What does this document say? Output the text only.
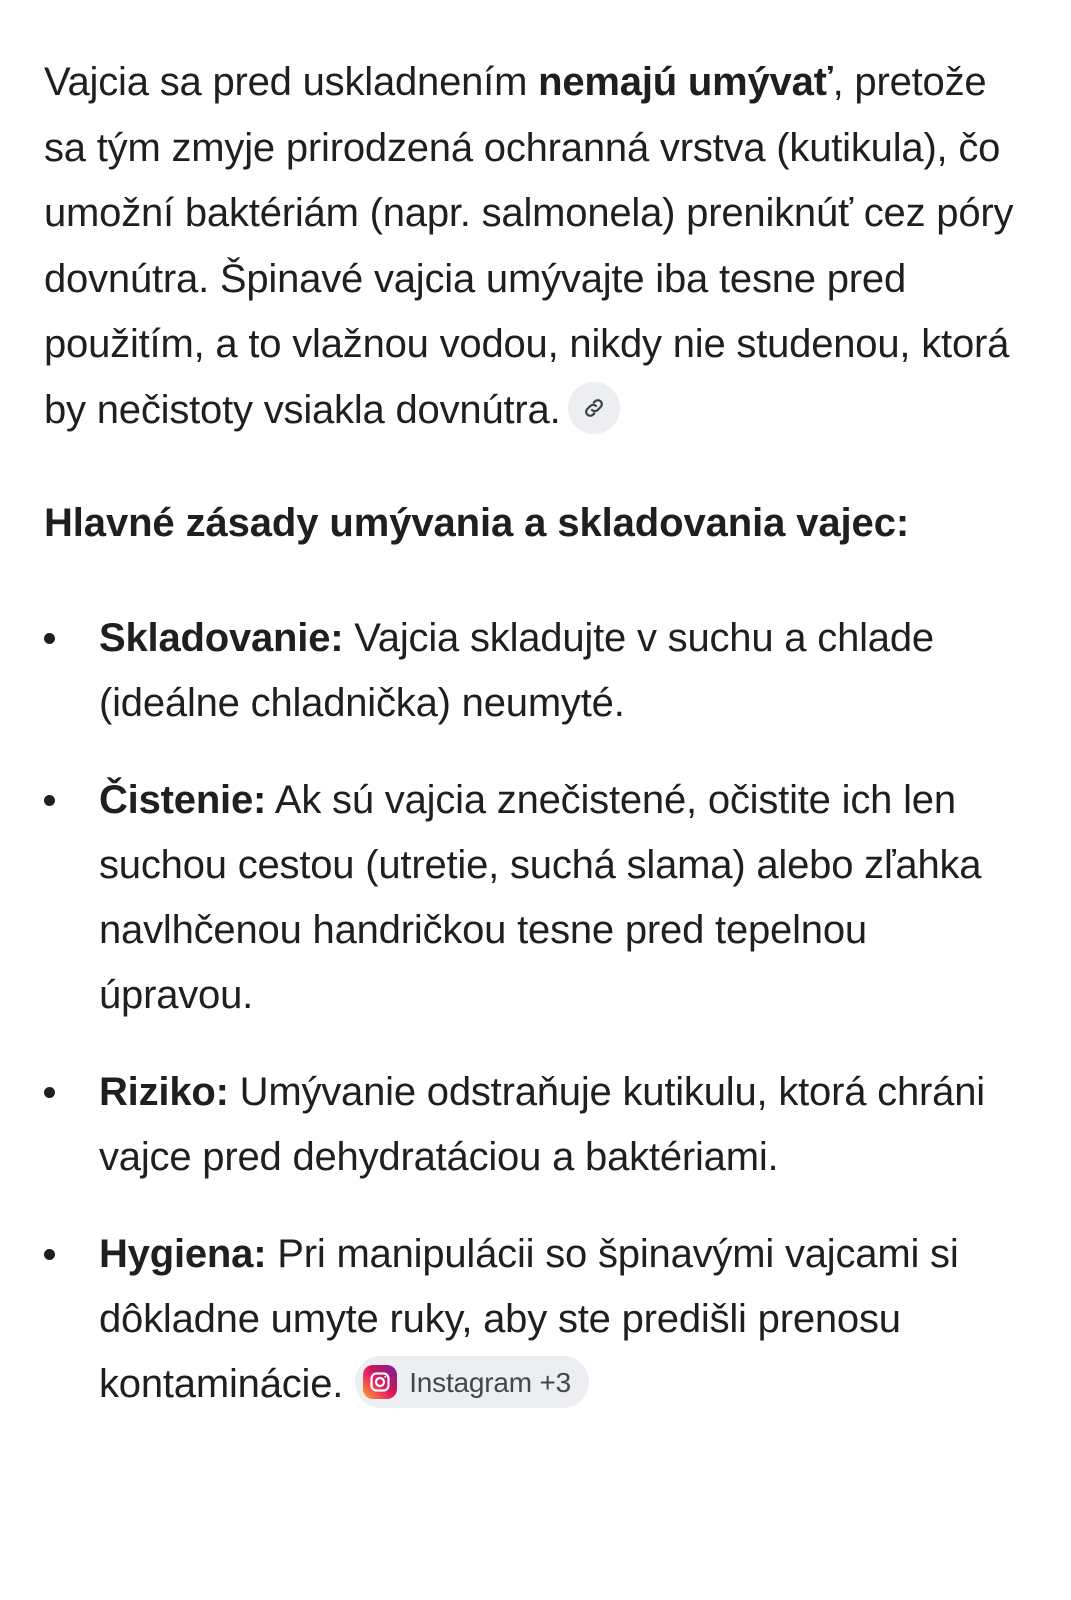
Vajcia sa pred uskladnením nemajú umývať, pretože sa tým zmyje prirodzená ochranná vrstva (kutikula), čo umožní baktériám (napr. salmonela) preniknúť cez póry dovnútra. Špinavé vajcia umývajte iba tesne pred použitím, a to vlažnou vodou, nikdy nie studenou, ktorá by nečistoty vsiakla dovnútra.

Hlavné zásady umývania a skladovania vajec:
Skladovanie: Vajcia skladujte v suchu a chlade (ideálne chladnička) neumyté.
Čistenie: Ak sú vajcia znečistené, očistite ich len suchou cestou (utretie, suchá slama) alebo zľahka navlhčenou handričkou tesne pred tepelnou úpravou.
Riziko: Umývanie odstraňuje kutikulu, ktorá chráni vajce pred dehydratáciou a baktériami.
Hygiena: Pri manipulácii so špinavými vajcami si dôkladne umyte ruky, aby ste predišli prenosu kontaminácie. Instagram +3
